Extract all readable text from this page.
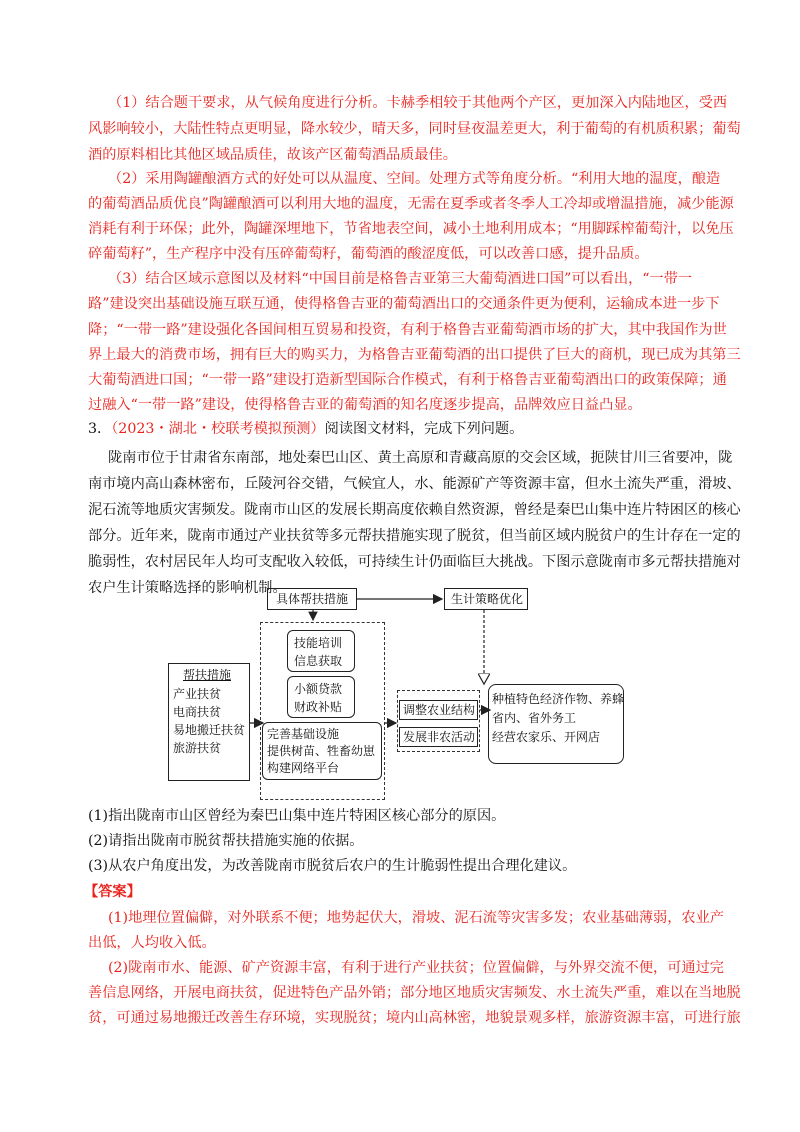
（1）结合题干要求，从气候角度进行分析。卡赫季相较于其他两个产区，更加深入内陆地区，受西
风影响较小，大陆性特点更明显，降水较少，晴天多，同时昼夜温差更大，利于葡萄的有机质积累；葡萄
酒的原料相比其他区域品质佳，故该产区葡萄酒品质最佳。
（2）采用陶罐酿酒方式的好处可以从温度、空间。处理方式等角度分析。“利用大地的温度，酿造
的葡萄酒品质优良”陶罐酿酒可以利用大地的温度，无需在夏季或者冬季人工冷却或增温措施，减少能源
消耗有利于环保；此外，陶罐深埋地下，节省地表空间，减小土地利用成本；“用脚踩榨葡萄汁，以免压
碎葡萄籽”，生产程序中没有压碎葡萄籽，葡萄酒的酸涩度低，可以改善口感，提升品质。
（3）结合区域示意图以及材料“中国目前是格鲁吉亚第三大葡萄酒进口国”可以看出，“一带一
路”建设突出基础设施互联互通，使得格鲁吉亚的葡萄酒出口的交通条件更为便利，运输成本进一步下
降；“一带一路”建设强化各国间相互贸易和投资，有利于格鲁吉亚葡萄酒市场的扩大，其中我国作为世
界上最大的消费市场，拥有巨大的购买力，为格鲁吉亚葡萄酒的出口提供了巨大的商机，现已成为其第三
大葡萄酒进口国；“一带一路”建设打造新型国际合作模式，有利于格鲁吉亚葡萄酒出口的政策保障；通
过融入“一带一路”建设，使得格鲁吉亚的葡萄酒的知名度逐步提高，品牌效应日益凸显。
3．（2023・湖北・校联考模拟预测）阅读图文材料，完成下列问题。
陇南市位于甘肃省东南部，地处秦巴山区、黄土高原和青藏高原的交会区域，扼陕甘川三省要冲，陇
南市境内高山森林密布，丘陵河谷交错，气候宜人，水、能源矿产等资源丰富，但水土流失严重，滑坡、
泥石流等地质灾害频发。陇南市山区的发展长期高度依赖自然资源，曾经是秦巴山集中连片特困区的核心
部分。近年来，陇南市通过产业扶贫等多元帮扶措施实现了脱贫，但当前区域内脱贫户的生计存在一定的
脆弱性，农村居民年人均可支配收入较低，可持续生计仍面临巨大挑战。下图示意陇南市多元帮扶措施对
农户生计策略选择的影响机制。
具体帮扶措施	生计策略优化
帮扶措施
产业扶贫
电商扶贫
易地搬迁扶贫
旅游扶贫
技能培训
信息获取
小额贷款
财政补贴
完善基础设施
提供树苗、牲畜幼崽
构建网络平台
调整农业结构
发展非农活动
种植特色经济作物、养蜂
省内、省外务工
经营农家乐、开网店
(1)指出陇南市山区曾经为秦巴山集中连片特困区核心部分的原因。
(2)请指出陇南市脱贫帮扶措施实施的依据。
(3)从农户角度出发，为改善陇南市脱贫后农户的生计脆弱性提出合理化建议。
【答案】
(1)地理位置偏僻，对外联系不便；地势起伏大，滑坡、泥石流等灾害多发；农业基础薄弱，农业产
出低，人均收入低。
(2)陇南市水、能源、矿产资源丰富，有利于进行产业扶贫；位置偏僻，与外界交流不便，可通过完
善信息网络，开展电商扶贫，促进特色产品外销；部分地区地质灾害频发、水土流失严重，难以在当地脱
贫，可通过易地搬迁改善生存环境，实现脱贫；境内山高林密，地貌景观多样，旅游资源丰富，可进行旅
